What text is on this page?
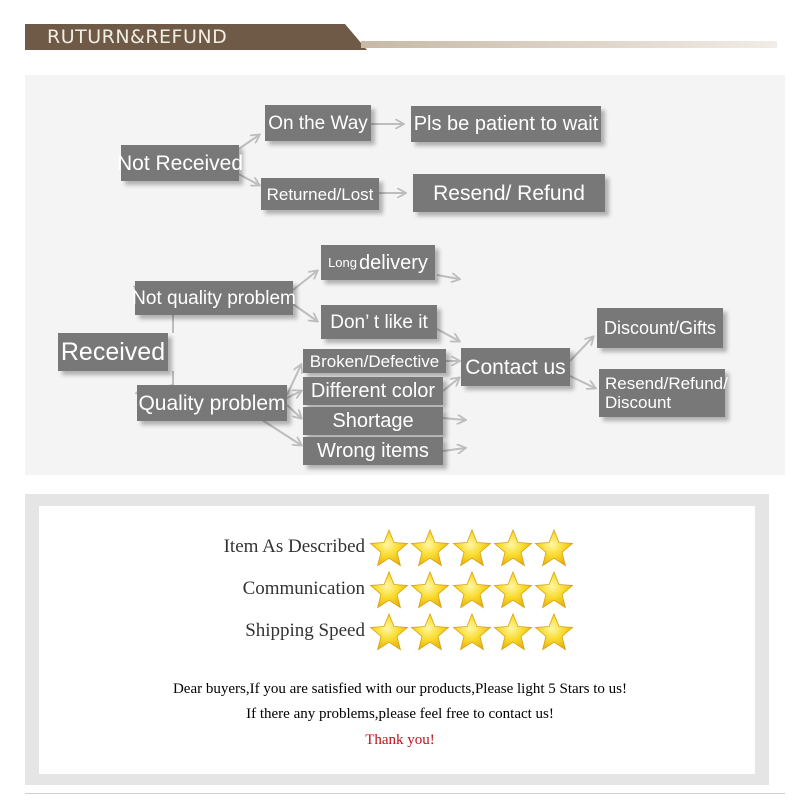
RUTURN&REFUND
Not Received
On the Way Pls be patient to wait
Returned/Lost	Resend/ Refund
Long delivery
Not quality problem
Don’ t like it
Received	Broken/Defective	Contact us
Discount/Gifts
Quality problem
Different color	Resend/Refund/
Discount
Shortage
Wrong items
Item As Described
Communication
Shipping Speed
Dear buyers,If you are satisfied with our products,Please light 5 Stars to us!
If there any problems,please feel free to contact us!
Thank you!
